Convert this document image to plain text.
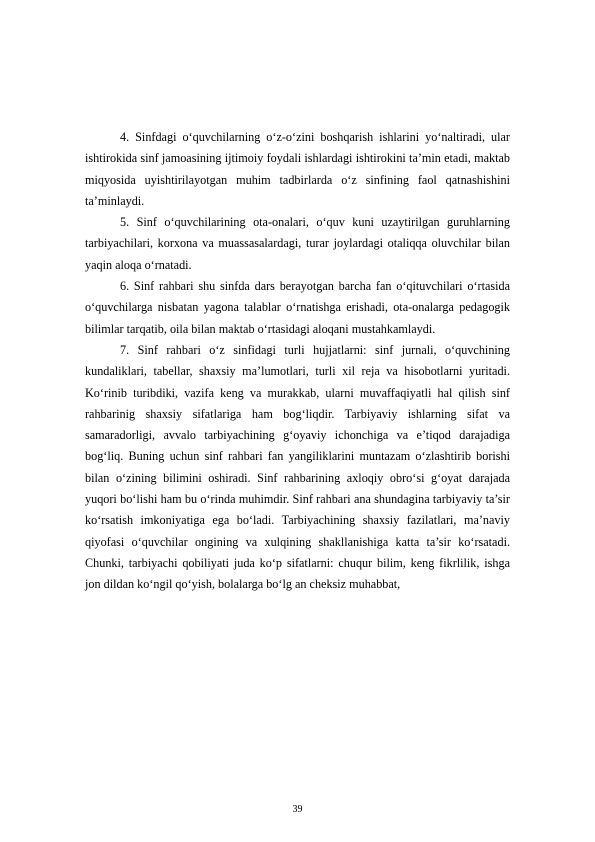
4. Sinfdagi o‘quvchilarning o‘z-o‘zini boshqarish ishlarini yo‘naltiradi, ular ishtirokida sinf jamoasining ijtimoiy foydali ishlardagi ishtirokini ta’min etadi, maktab miqyosida uyishtirilayotgan muhim tadbirlarda o‘z sinfining faol qatnashishini ta’minlaydi.

5. Sinf o‘quvchilarining ota-onalari, o‘quv kuni uzaytirilgan guruhlarning tarbiyachilari, korxona va muassasalardagi, turar joylardagi otaliqqa oluvchilar bilan yaqin aloqa o‘rnatadi.

6. Sinf rahbari shu sinfda dars berayotgan barcha fan o‘qituvchilari o‘rtasida o‘quvchilarga nisbatan yagona talablar o‘rnatishga erishadi, ota-onalarga pedagogik bilimlar tarqatib, oila bilan maktab o‘rtasidagi aloqani mustahkamlaydi.

7. Sinf rahbari o‘z sinfidagi turli hujjatlarni: sinf jurnali, o‘quvchining kundaliklari, tabellar, shaxsiy ma’lumotlari, turli xil reja va hisobotlarni yuritadi. Ko‘rinib turibdiki, vazifa keng va murakkab, ularni muvaffaqiyatli hal qilish sinf rahbarinig shaxsiy sifatlariga ham bog‘liqdir. Tarbiyaviy ishlarning sifat va samaradorligi, avvalo tarbiyachining g‘oyaviy ichonchiga va e’tiqod darajadiga bog‘liq. Buning uchun sinf rahbari fan yangiliklarini muntazam o‘zlashtirib borishi bilan o‘zining bilimini oshiradi. Sinf rahbarining axloqiy obro‘si g‘oyat darajada yuqori bo‘lishi ham bu o‘rinda muhimdir. Sinf rahbari ana shundagina tarbiyaviy ta’sir ko‘rsatish imkoniyatiga ega bo‘ladi. Tarbiyachining shaxsiy fazilatlari, ma’naviy qiyofasi o‘quvchilar ongining va xulqining shakllanishiga katta ta’sir ko‘rsatadi. Chunki, tarbiyachi qobiliyati juda ko‘p sifatlarni: chuqur bilim, keng fikrlilik, ishga jon dildan ko‘ngil qo‘yish, bolalarga bo‘lg an cheksiz muhabbat,

39
